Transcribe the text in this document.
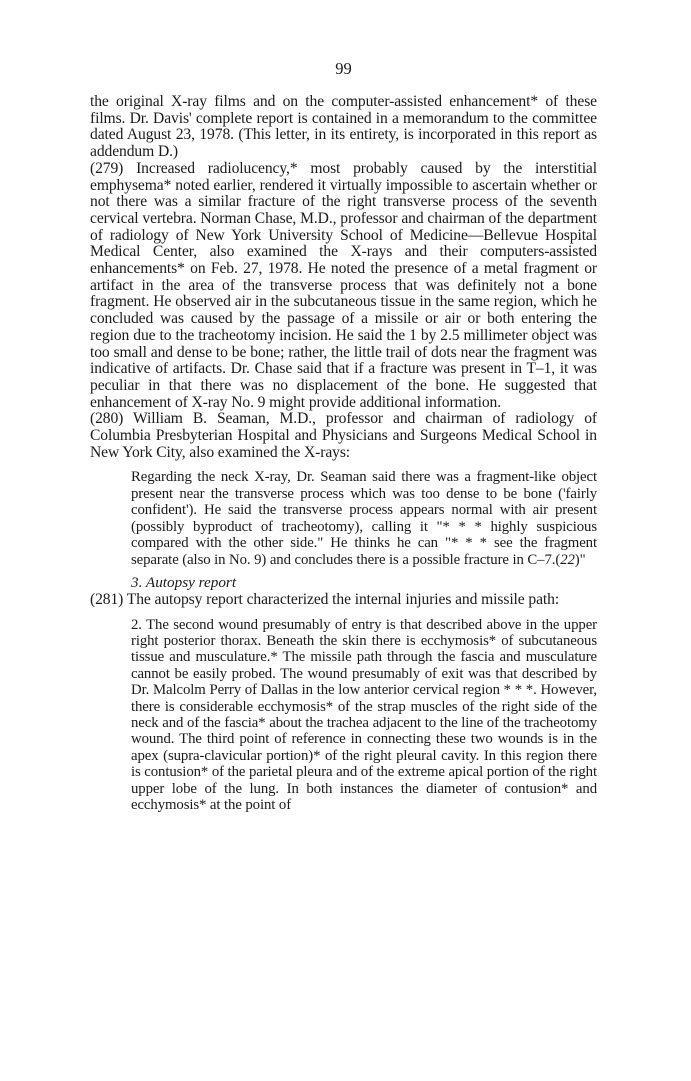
99

the original X-ray films and on the computer-assisted enhancement* of these films. Dr. Davis' complete report is contained in a memorandum to the committee dated August 23, 1978. (This letter, in its entirety, is incorporated in this report as addendum D.)

(279) Increased radiolucency,* most probably caused by the interstitial emphysema* noted earlier, rendered it virtually impossible to ascertain whether or not there was a similar fracture of the right transverse process of the seventh cervical vertebra. Norman Chase, M.D., professor and chairman of the department of radiology of New York University School of Medicine—Bellevue Hospital Medical Center, also examined the X-rays and their computers-assisted enhancements* on Feb. 27, 1978. He noted the presence of a metal fragment or artifact in the area of the transverse process that was definitely not a bone fragment. He observed air in the subcutaneous tissue in the same region, which he concluded was caused by the passage of a missile or air or both entering the region due to the tracheotomy incision. He said the 1 by 2.5 millimeter object was too small and dense to be bone; rather, the little trail of dots near the fragment was indicative of artifacts. Dr. Chase said that if a fracture was present in T–1, it was peculiar in that there was no displacement of the bone. He suggested that enhancement of X-ray No. 9 might provide additional information.

(280) William B. Seaman, M.D., professor and chairman of radiology of Columbia Presbyterian Hospital and Physicians and Surgeons Medical School in New York City, also examined the X-rays:

Regarding the neck X-ray, Dr. Seaman said there was a fragment-like object present near the transverse process which was too dense to be bone ('fairly confident'). He said the transverse process appears normal with air present (possibly byproduct of tracheotomy), calling it "* * * highly suspicious compared with the other side." He thinks he can "* * * see the fragment separate (also in No. 9) and concludes there is a possible fracture in C–7.(22)"

3. Autopsy report

(281) The autopsy report characterized the internal injuries and missile path:

2. The second wound presumably of entry is that described above in the upper right posterior thorax. Beneath the skin there is ecchymosis* of subcutaneous tissue and musculature.* The missile path through the fascia and musculature cannot be easily probed. The wound presumably of exit was that described by Dr. Malcolm Perry of Dallas in the low anterior cervical region * * *. However, there is considerable ecchymosis* of the strap muscles of the right side of the neck and of the fascia* about the trachea adjacent to the line of the tracheotomy wound. The third point of reference in connecting these two wounds is in the apex (supra-clavicular portion)* of the right pleural cavity. In this region there is contusion* of the parietal pleura and of the extreme apical portion of the right upper lobe of the lung. In both instances the diameter of contusion* and ecchymosis* at the point of
